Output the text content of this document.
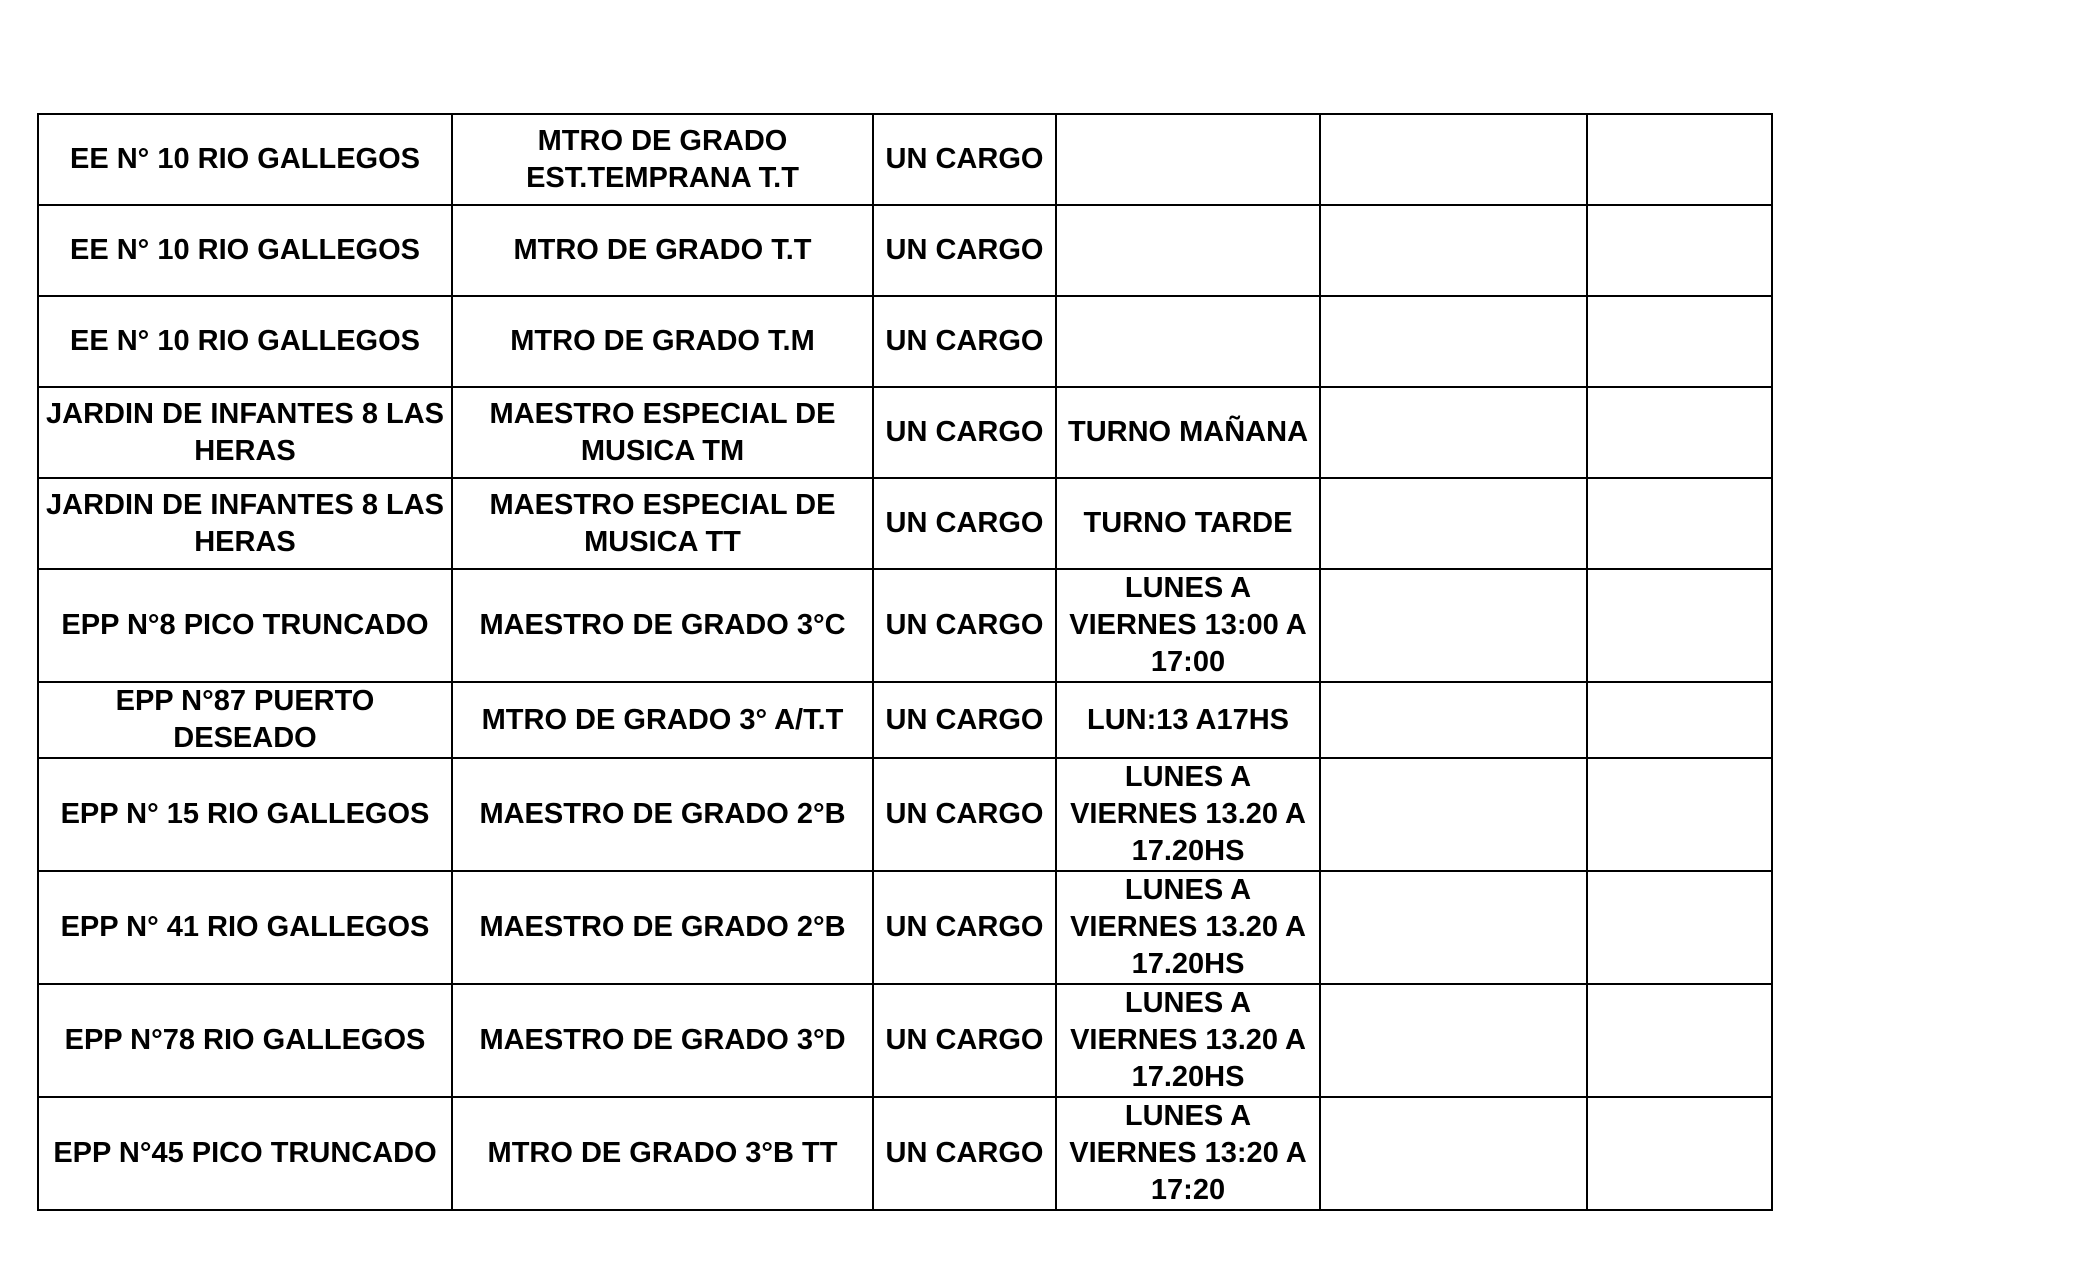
EE N° 10 RIO GALLEGOS	MTRO DE GRADO EST.TEMPRANA T.T	UN CARGO			

EE N° 10 RIO GALLEGOS	MTRO DE GRADO T.T	UN CARGO			

EE N° 10 RIO GALLEGOS	MTRO DE GRADO T.M	UN CARGO			

JARDIN DE INFANTES 8 LAS HERAS	MAESTRO ESPECIAL DE MUSICA TM	UN CARGO	TURNO MAÑANA		

JARDIN DE INFANTES 8 LAS HERAS	MAESTRO ESPECIAL DE MUSICA TT	UN CARGO	TURNO TARDE		

EPP N°8 PICO TRUNCADO	MAESTRO DE GRADO 3°C	UN CARGO	LUNES A VIERNES 13:00 A 17:00		

EPP N°87 PUERTO DESEADO	MTRO DE GRADO 3° A/T.T	UN CARGO	LUN:13 A17HS		

EPP N° 15 RIO GALLEGOS	MAESTRO DE GRADO 2°B	UN CARGO	LUNES A VIERNES 13.20 A 17.20HS		

EPP N° 41 RIO GALLEGOS	MAESTRO DE GRADO 2°B	UN CARGO	LUNES A VIERNES 13.20 A 17.20HS		

EPP N°78 RIO GALLEGOS	MAESTRO DE GRADO 3°D	UN CARGO	LUNES A VIERNES 13.20 A 17.20HS		

EPP N°45 PICO TRUNCADO	MTRO DE GRADO 3°B TT	UN CARGO	LUNES A VIERNES 13:20 A 17:20		
